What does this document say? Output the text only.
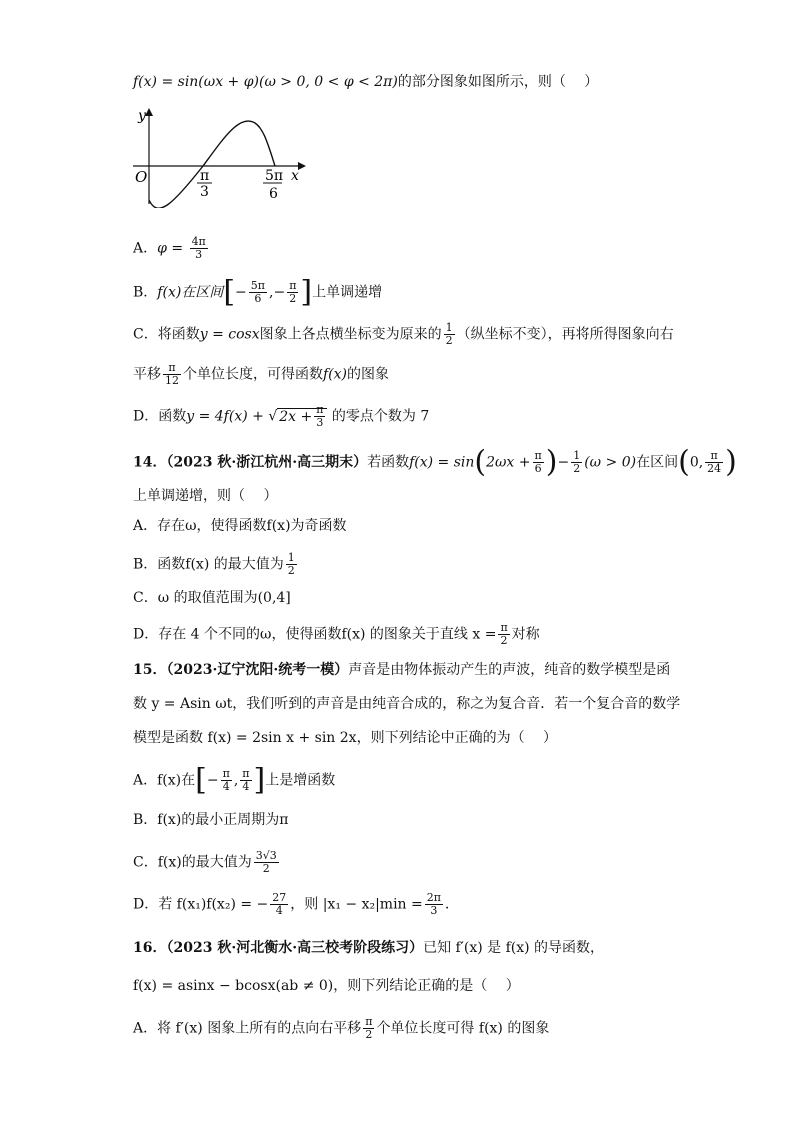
f(x) = sin(ωx + φ)(ω > 0, 0 < φ < 2π)的部分图象如图所示，则（　 ）
y
x
O	π
3
5π
6
A．$\varphi = \frac{4\pi}{3}$
B．f(x)在区间[− $\frac{5\pi}{6}$ ,− $\frac{\pi}{2}$ ]上单调递增
C．将函数y = cosx图象上各点横坐标变为原来的 $\frac{1}{2}$ （纵坐标不变），再将所得图象向右
平移 $\frac{\pi}{12}$ 个单位长度，可得函数f(x)的图象
D．函数y = 4f(x) + √ $2x + \frac{\pi}{3}$ 的零点个数为 7
14．（2023 秋·浙江杭州·高三期末）若函数$f(x) = \sin(2\omega x + \frac{\pi}{6}$ )− $\frac{1}{2} (\omega > 0)$在区间(0, $\frac{\pi}{24}$ )
上单调递增，则（　 ）
A．存在ω，使得函数f(x)为奇函数
B．函数f(x) 的最大值为 $\frac{1}{2}$
C．ω 的取值范围为(0,4]
D．存在 4 个不同的ω，使得函数f(x) 的图象关于直线 $x = \frac{\pi}{2}$ 对称
15．（2023·辽宁沈阳·统考一模）声音是由物体振动产生的声波，纯音的数学模型是函
数 y = Asin ωt，我们听到的声音是由纯音合成的，称之为复合音．若一个复合音的数学
模型是函数 f(x) = 2sin x + sin 2x，则下列结论中正确的为（　 ）
A．f(x)在[− $\frac{\pi}{4}$ , $\frac{\pi}{4}$ ]上是增函数
B．f(x)的最小正周期为π
C．f(x)的最大值为 $\frac{3√3}{2}$
D．若 f(x₁)f(x₂) = − $\frac{27}{4}$ ，则 $|x_1 - x_2|\min = \frac{2\pi}{3}$ ．
16．（2023 秋·河北衡水·高三校考阶段练习）已知 f′(x) 是 f(x) 的导函数，
f(x) = asinx − bcosx(ab ≠ 0)，则下列结论正确的是（　 ）
A．将 f′(x) 图象上所有的点向右平移 $\frac{\pi}{2}$ 个单位长度可得 f(x) 的图象
